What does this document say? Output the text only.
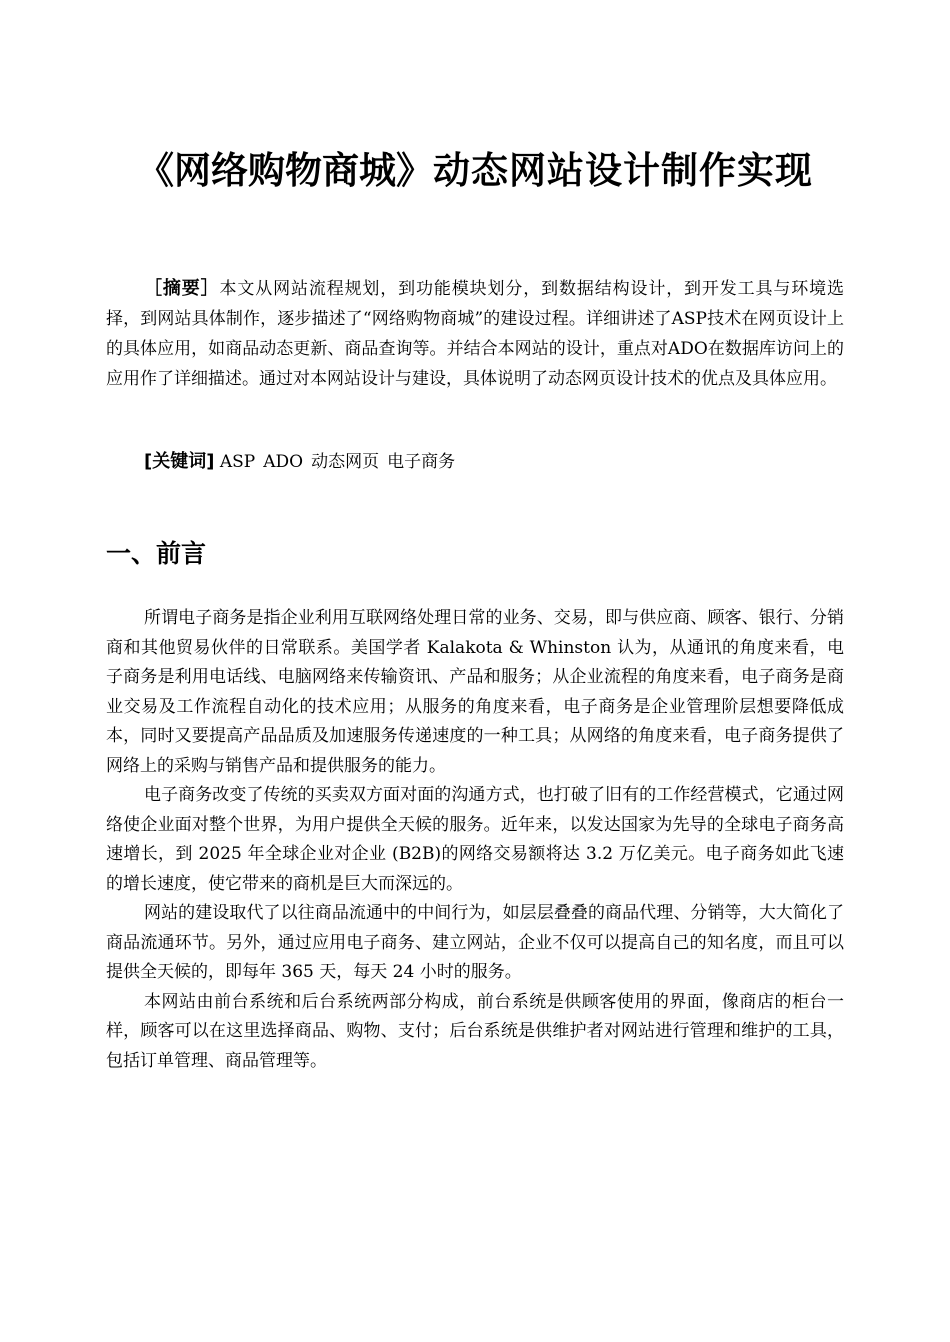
《网络购物商城》动态网站设计制作实现

［摘要］本文从网站流程规划，到功能模块划分，到数据结构设计，到开发工具与环境选择，到网站具体制作，逐步描述了“网络购物商城”的建设过程。详细讲述了ASP技术在网页设计上的具体应用，如商品动态更新、商品查询等。并结合本网站的设计，重点对ADO在数据库访问上的应用作了详细描述。通过对本网站设计与建设，具体说明了动态网页设计技术的优点及具体应用。

[关键词] ASP ADO 动态网页 电子商务

一、前言

所谓电子商务是指企业利用互联网络处理日常的业务、交易，即与供应商、顾客、银行、分销商和其他贸易伙伴的日常联系。美国学者 Kalakota & Whinston 认为，从通讯的角度来看，电子商务是利用电话线、电脑网络来传输资讯、产品和服务；从企业流程的角度来看，电子商务是商业交易及工作流程自动化的技术应用；从服务的角度来看，电子商务是企业管理阶层想要降低成本，同时又要提高产品品质及加速服务传递速度的一种工具；从网络的角度来看，电子商务提供了网络上的采购与销售产品和提供服务的能力。

电子商务改变了传统的买卖双方面对面的沟通方式，也打破了旧有的工作经营模式，它通过网络使企业面对整个世界，为用户提供全天候的服务。近年来，以发达国家为先导的全球电子商务高速增长，到 2025 年全球企业对企业 (B2B)的网络交易额将达 3.2 万亿美元。电子商务如此飞速的增长速度，使它带来的商机是巨大而深远的。

网站的建设取代了以往商品流通中的中间行为，如层层叠叠的商品代理、分销等，大大简化了商品流通环节。另外，通过应用电子商务、建立网站，企业不仅可以提高自己的知名度，而且可以提供全天候的，即每年 365 天，每天 24 小时的服务。

本网站由前台系统和后台系统两部分构成，前台系统是供顾客使用的界面，像商店的柜台一样，顾客可以在这里选择商品、购物、支付；后台系统是供维护者对网站进行管理和维护的工具，包括订单管理、商品管理等。
